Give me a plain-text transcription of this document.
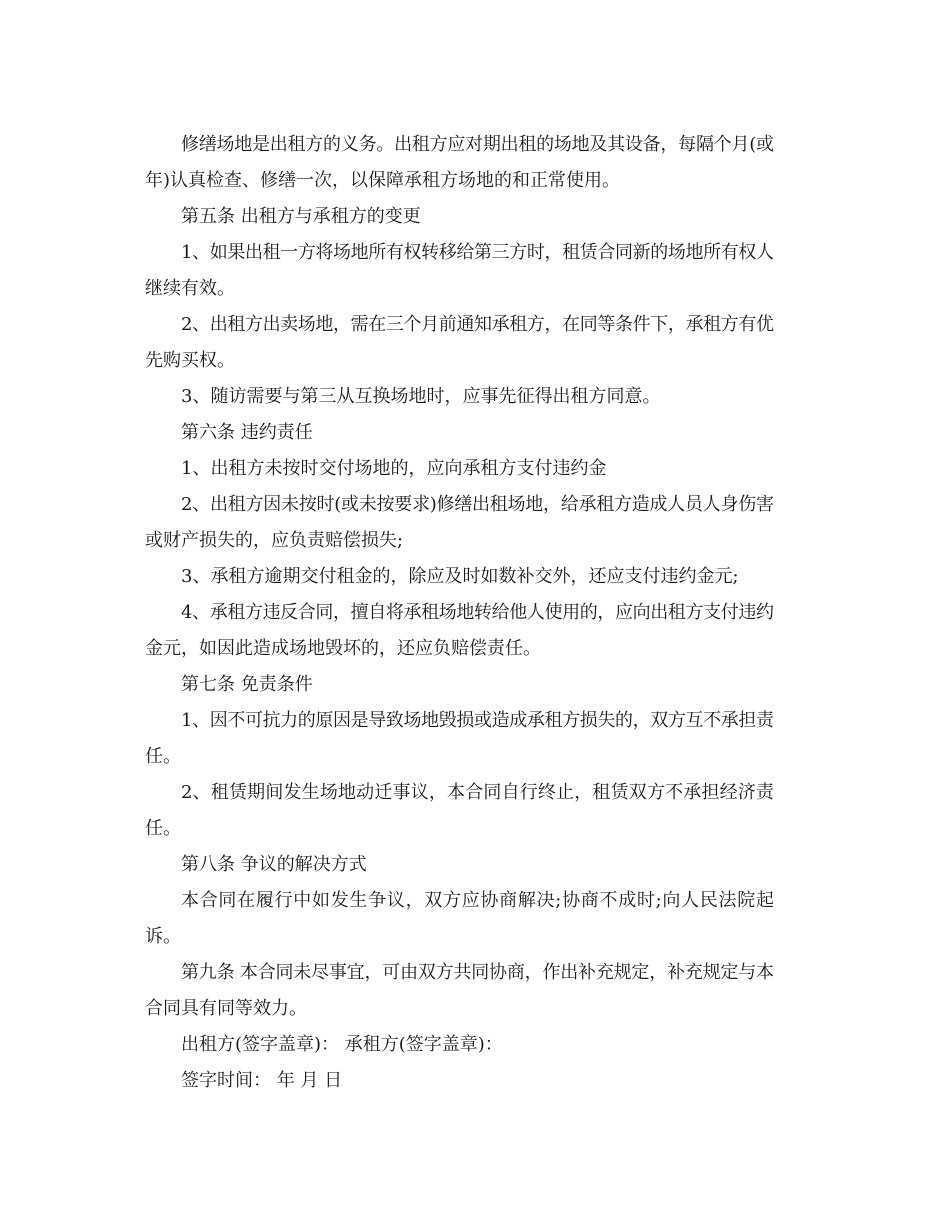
修缮场地是出租方的义务。出租方应对期出租的场地及其设备，每隔个月(或
年)认真检查、修缮一次，以保障承租方场地的和正常使用。
第五条 出租方与承租方的变更
1、如果出租一方将场地所有权转移给第三方时，租赁合同新的场地所有权人
继续有效。
2、出租方出卖场地，需在三个月前通知承租方，在同等条件下，承租方有优
先购买权。
3、随访需要与第三从互换场地时，应事先征得出租方同意。
第六条 违约责任
1、出租方未按时交付场地的，应向承租方支付违约金
2、出租方因未按时(或未按要求)修缮出租场地，给承租方造成人员人身伤害
或财产损失的，应负责赔偿损失;
3、承租方逾期交付租金的，除应及时如数补交外，还应支付违约金元;
4、承租方违反合同，擅自将承租场地转给他人使用的，应向出租方支付违约
金元，如因此造成场地毁坏的，还应负赔偿责任。
第七条 免责条件
1、因不可抗力的原因是导致场地毁损或造成承租方损失的，双方互不承担责
任。
2、租赁期间发生场地动迁事议，本合同自行终止，租赁双方不承担经济责
任。
第八条 争议的解决方式
本合同在履行中如发生争议，双方应协商解决;协商不成时;向人民法院起
诉。
第九条 本合同未尽事宜，可由双方共同协商，作出补充规定，补充规定与本
合同具有同等效力。
出租方(签字盖章)： 承租方(签字盖章)：
签字时间： 年 月 日
